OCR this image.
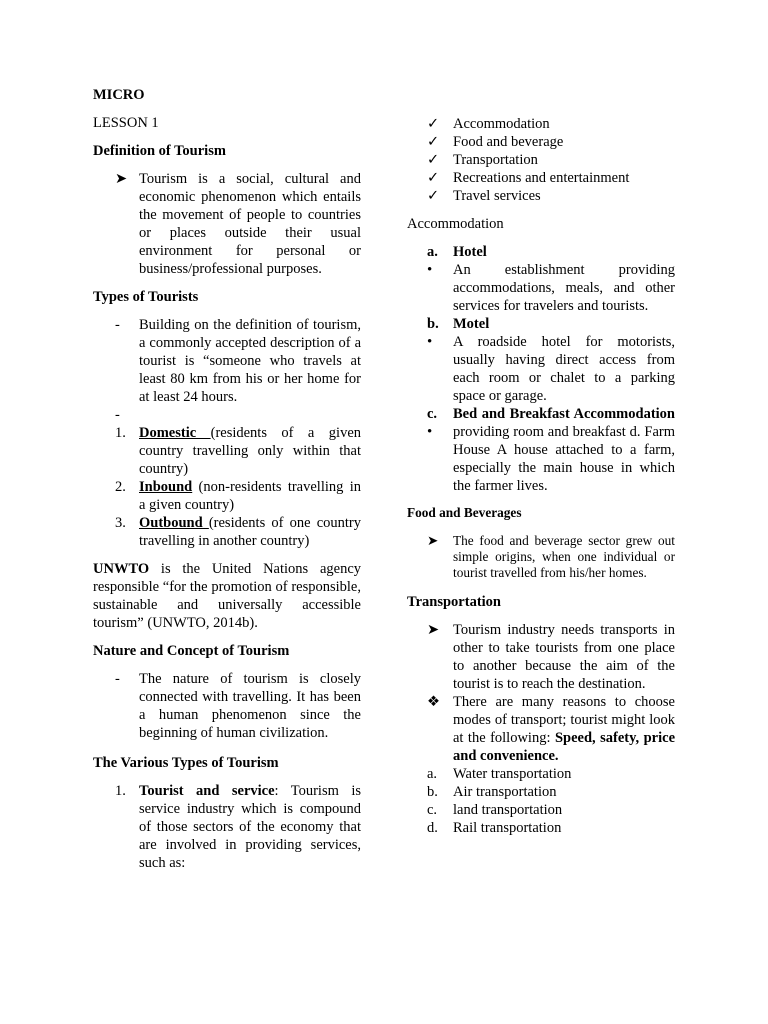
MICRO

LESSON 1

Definition of Tourism

➤ Tourism is a social, cultural and economic phenomenon which entails the movement of people to countries or places outside their usual environment for personal or business/professional purposes.

Types of Tourists

- Building on the definition of tourism, a commonly accepted description of a tourist is “someone who travels at least 80 km from his or her home for at least 24 hours.
-
1. Domestic (residents of a given country travelling only within that country)
2. Inbound (non-residents travelling in a given country)
3. Outbound (residents of one country travelling in another country)

UNWTO is the United Nations agency responsible “for the promotion of responsible, sustainable and universally accessible tourism” (UNWTO, 2014b).

Nature and Concept of Tourism

- The nature of tourism is closely connected with travelling. It has been a human phenomenon since the beginning of human civilization.

The Various Types of Tourism

1. Tourist and service: Tourism is service industry which is compound of those sectors of the economy that are involved in providing services, such as:
✓ Accommodation
✓ Food and beverage
✓ Transportation
✓ Recreations and entertainment
✓ Travel services

Accommodation

a. Hotel
•
An establishment providing accommodations, meals, and other services for travelers and tourists.
b. Motel
•
A roadside hotel for motorists, usually having direct access from each room or chalet to a parking space or garage.
c. Bed and Breakfast Accommodation
•
providing room and breakfast d. Farm House A house attached to a farm, especially the main house in which the farmer lives.

Food and Beverages

➤ The food and beverage sector grew out simple origins, when one individual or tourist travelled from his/her homes.

Transportation

➤ Tourism industry needs transports in other to take tourists from one place to another because the aim of the tourist is to reach the destination.
❖ There are many reasons to choose modes of transport; tourist might look at the following: Speed, safety, price and convenience.
a. Water transportation
b. Air transportation
c. land transportation
d. Rail transportation
